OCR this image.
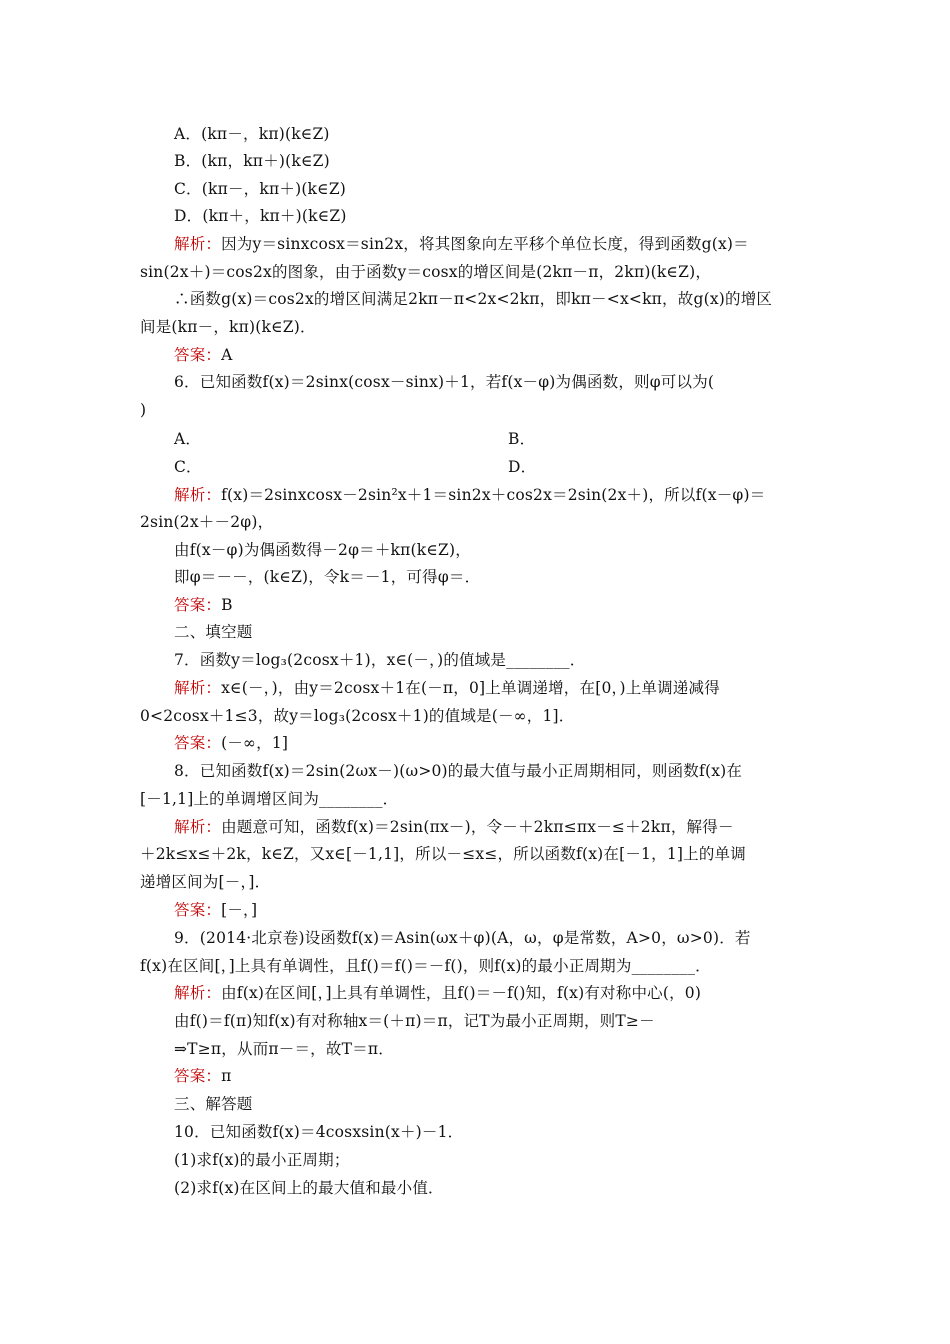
A．(kπ－，kπ)(k∈Z)
B．(kπ，kπ＋)(k∈Z)
C．(kπ－，kπ＋)(k∈Z)
D．(kπ＋，kπ＋)(k∈Z)
解析：因为y＝sinxcosx＝sin2x，将其图象向左平移个单位长度，得到函数g(x)＝
sin(2x＋)＝cos2x的图象，由于函数y＝cosx的增区间是(2kπ－π，2kπ)(k∈Z)，
∴函数g(x)＝cos2x的增区间满足2kπ－π<2x<2kπ，即kπ－<x<kπ，故g(x)的增区
间是(kπ－，kπ)(k∈Z)．
答案：A
6．已知函数f(x)＝2sinx(cosx－sinx)＋1，若f(x－φ)为偶函数，则φ可以为(
)
A．	B．
C．	D．
解析：f(x)＝2sinxcosx－2sin²x＋1＝sin2x＋cos2x＝2sin(2x＋)，所以f(x－φ)＝
2sin(2x＋－2φ)，
由f(x－φ)为偶函数得－2φ＝＋kπ(k∈Z)，
即φ＝－－，(k∈Z)，令k＝－1，可得φ＝．
答案：B
二、填空题
7．函数y＝log₃(2cosx＋1)，x∈(－，)的值域是________．
解析：x∈(－，)，由y＝2cosx＋1在(－π，0]上单调递增，在[0，)上单调递减得
0<2cosx＋1≤3，故y＝log₃(2cosx＋1)的值域是(－∞，1]．
答案：(－∞，1]
8．已知函数f(x)＝2sin(2ωx－)(ω>0)的最大值与最小正周期相同，则函数f(x)在
[－1,1]上的单调增区间为________．
解析：由题意可知，函数f(x)＝2sin(πx－)，令－＋2kπ≤πx－≤＋2kπ，解得－
＋2k≤x≤＋2k，k∈Z，又x∈[－1,1]，所以－≤x≤，所以函数f(x)在[－1，1]上的单调
递增区间为[－，]．
答案：[－，]
9．(2014·北京卷)设函数f(x)＝Asin(ωx＋φ)(A，ω，φ是常数，A>0，ω>0)．若
f(x)在区间[，]上具有单调性，且f()＝f()＝－f()，则f(x)的最小正周期为________．
解析：由f(x)在区间[，]上具有单调性，且f()＝－f()知，f(x)有对称中心(，0)
由f()＝f(π)知f(x)有对称轴x＝(＋π)＝π，记T为最小正周期，则T≥－
⇒T≥π，从而π－＝，故T＝π．
答案：π
三、解答题
10．已知函数f(x)＝4cosxsin(x＋)－1．
(1)求f(x)的最小正周期；
(2)求f(x)在区间上的最大值和最小值．
